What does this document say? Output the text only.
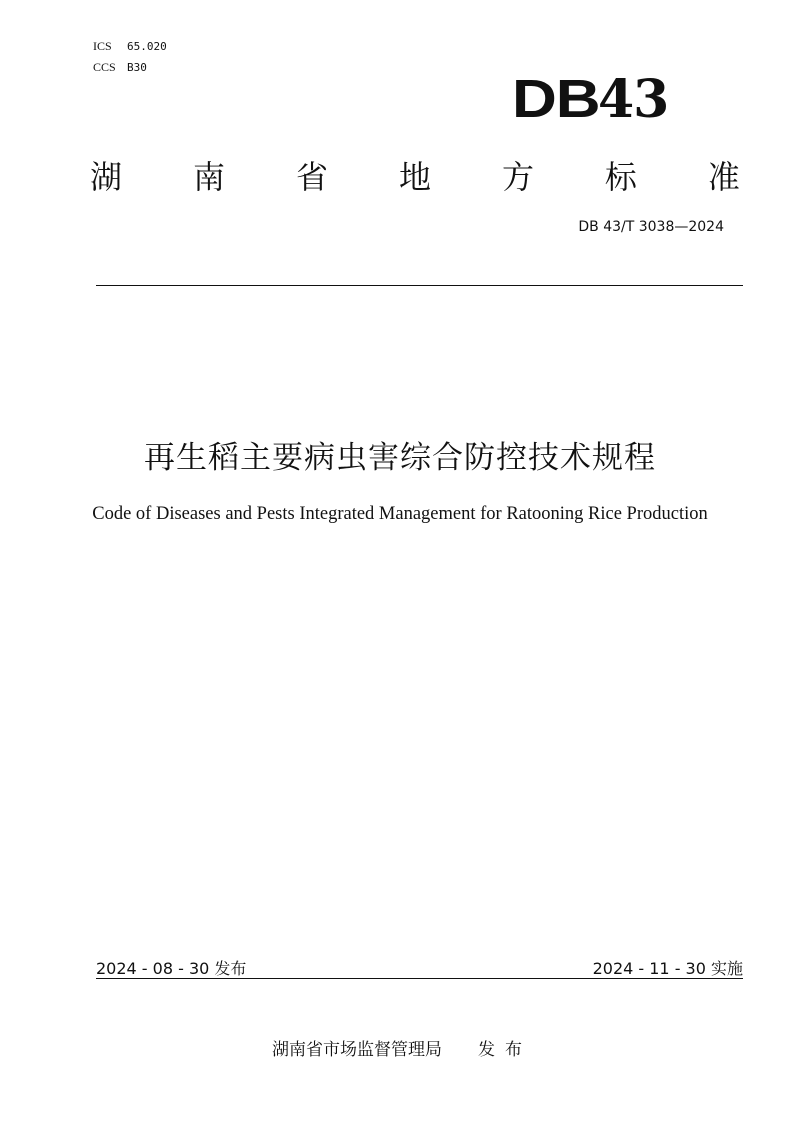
ICS 65.020
CCS B30
DB43
湖 南 省 地 方 标 准
DB 43/T 3038—2024
再生稻主要病虫害综合防控技术规程
Code of Diseases and Pests Integrated Management for Ratooning Rice Production
2024 - 08 - 30 发布	2024 - 11 - 30 实施
湖南省市场监督管理局 发布
